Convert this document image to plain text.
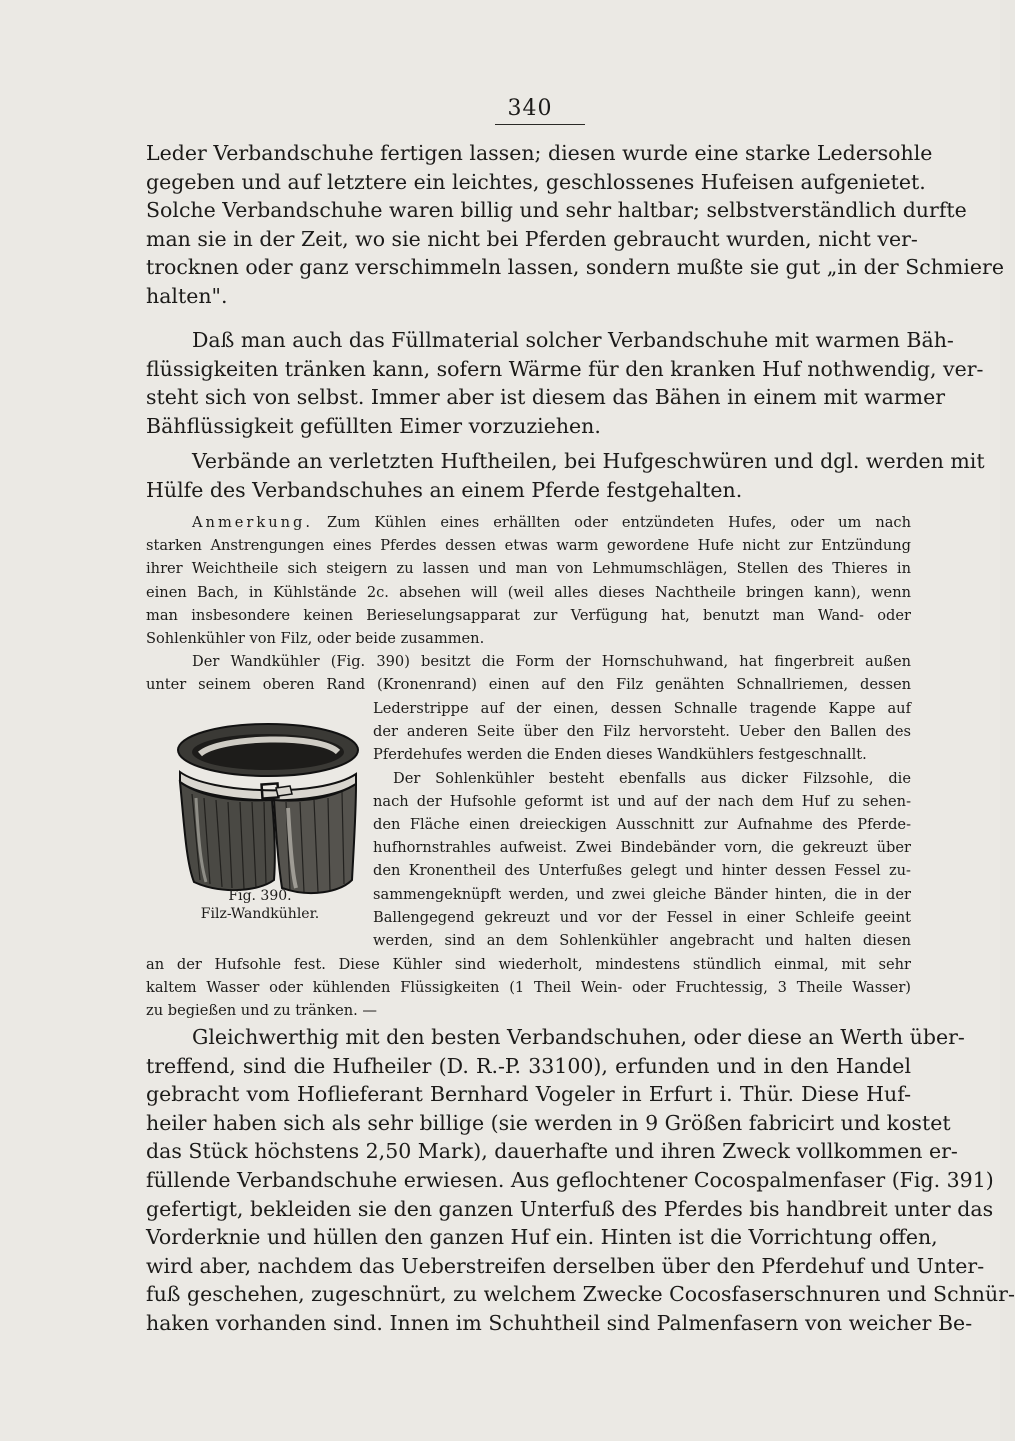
340
Leder Verbandschuhe fertigen lassen; diesen wurde eine starke Ledersohle
gegeben und auf letztere ein leichtes, geschlossenes Hufeisen aufgenietet.
Solche Verbandschuhe waren billig und sehr haltbar; selbstverständlich durfte
man sie in der Zeit, wo sie nicht bei Pferden gebraucht wurden, nicht ver-
trocknen oder ganz verschimmeln lassen, sondern mußte sie gut „in der Schmiere
halten".
Daß man auch das Füllmaterial solcher Verbandschuhe mit warmen Bäh-
flüssigkeiten tränken kann, sofern Wärme für den kranken Huf nothwendig, ver-
steht sich von selbst. Immer aber ist diesem das Bähen in einem mit warmer
Bähflüssigkeit gefüllten Eimer vorzuziehen.
Verbände an verletzten Huftheilen, bei Hufgeschwüren und dgl. werden mit
Hülfe des Verbandschuhes an einem Pferde festgehalten.
Anmerkung. Zum Kühlen eines erhällten oder entzündeten Hufes, oder um nach
starken Anstrengungen eines Pferdes dessen etwas warm gewordene Hufe nicht zur Entzündung
ihrer Weichtheile sich steigern zu lassen und man von Lehmumschlägen, Stellen des Thieres in
einen Bach, in Kühlstände 2c. absehen will (weil alles dieses Nachtheile bringen kann), wenn
man insbesondere keinen Berieselungsapparat zur Verfügung hat, benutzt man Wand- oder
Sohlenkühler von Filz, oder beide zusammen.
Der Wandkühler (Fig. 390) besitzt die Form der Hornschuhwand, hat fingerbreit außen
unter seinem oberen Rand (Kronenrand) einen auf den Filz genähten Schnallriemen, dessen
Lederstrippe auf der einen, dessen Schnalle tragende Kappe auf
der anderen Seite über den Filz hervorsteht. Ueber den Ballen des
Pferdehufes werden die Enden dieses Wandkühlers festgeschnallt.
Der Sohlenkühler besteht ebenfalls aus dicker Filzsohle, die
nach der Hufsohle geformt ist und auf der nach dem Huf zu sehen-
den Fläche einen dreieckigen Ausschnitt zur Aufnahme des Pferde-
hufhornstrahles aufweist. Zwei Bindebänder vorn, die gekreuzt über
den Kronentheil des Unterfußes gelegt und hinter dessen Fessel zu-
sammengeknüpft werden, und zwei gleiche Bänder hinten, die in der
Ballengegend gekreuzt und vor der Fessel in einer Schleife geeint
werden, sind an dem Sohlenkühler angebracht und halten diesen
Fig. 390.
Filz-Wandkühler.
an der Hufsohle fest. Diese Kühler sind wiederholt, mindestens stündlich einmal, mit sehr
kaltem Wasser oder kühlenden Flüssigkeiten (1 Theil Wein- oder Fruchtessig, 3 Theile Wasser)
zu begießen und zu tränken. —
Gleichwerthig mit den besten Verbandschuhen, oder diese an Werth über-
treffend, sind die Hufheiler (D. R.-P. 33100), erfunden und in den Handel
gebracht vom Hoflieferant Bernhard Vogeler in Erfurt i. Thür. Diese Huf-
heiler haben sich als sehr billige (sie werden in 9 Größen fabricirt und kostet
das Stück höchstens 2,50 Mark), dauerhafte und ihren Zweck vollkommen er-
füllende Verbandschuhe erwiesen. Aus geflochtener Cocospalmenfaser (Fig. 391)
gefertigt, bekleiden sie den ganzen Unterfuß des Pferdes bis handbreit unter das
Vorderknie und hüllen den ganzen Huf ein. Hinten ist die Vorrichtung offen,
wird aber, nachdem das Ueberstreifen derselben über den Pferdehuf und Unter-
fuß geschehen, zugeschnürt, zu welchem Zwecke Cocosfaserschnuren und Schnür-
haken vorhanden sind. Innen im Schuhtheil sind Palmenfasern von weicher Be-
